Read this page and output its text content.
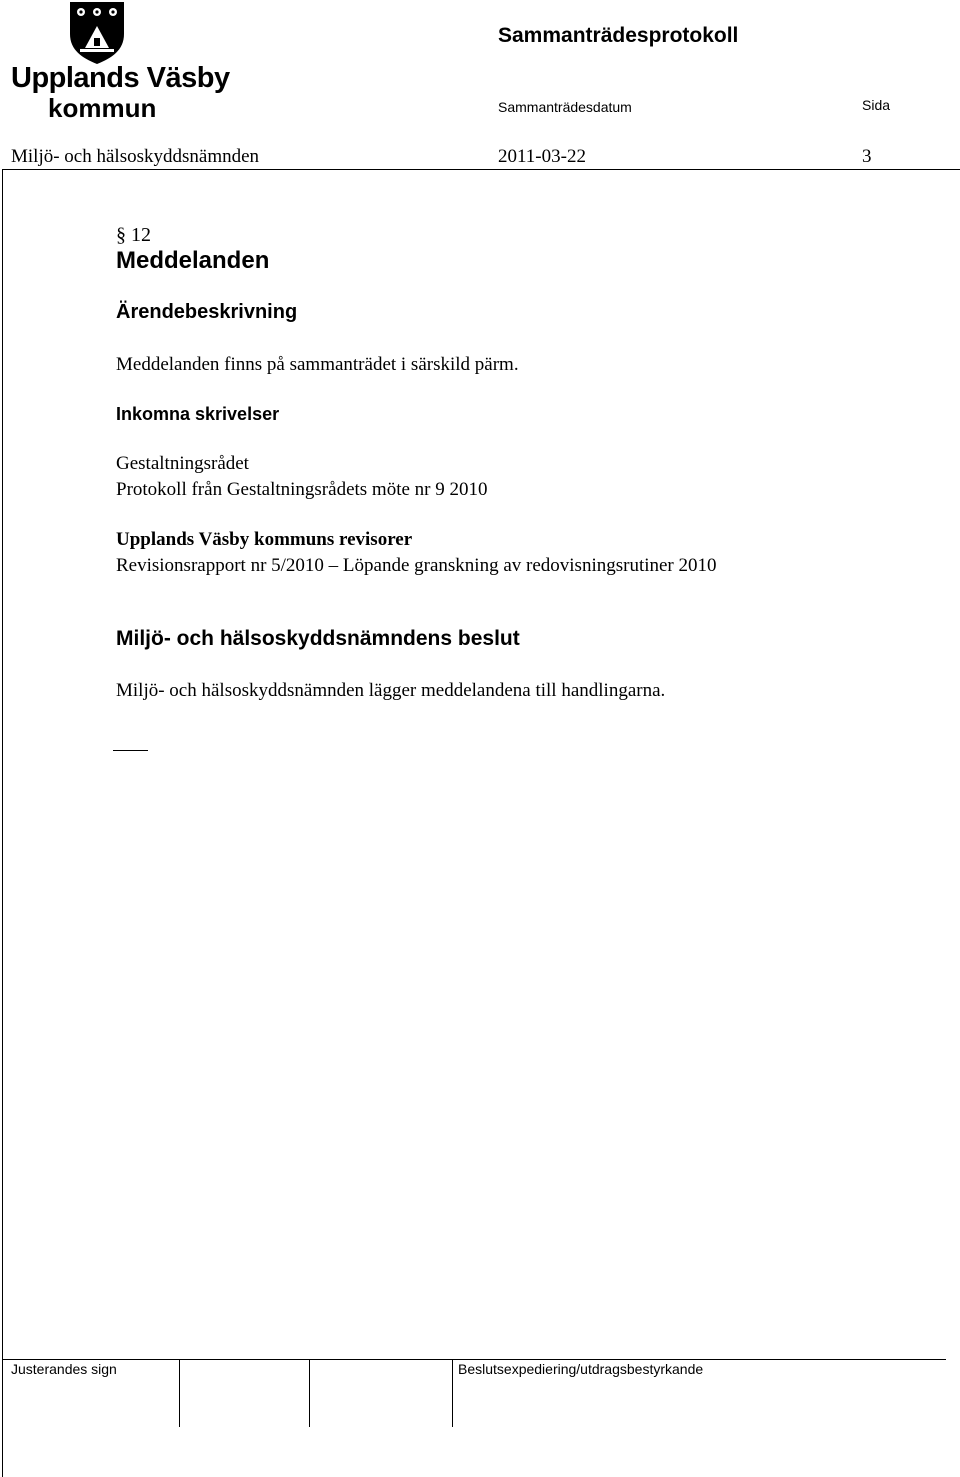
Upplands Väsby
kommun
Sammanträdesprotokoll
Sammanträdesdatum	Sida
Miljö- och hälsoskyddsnämnden	2011-03-22	3
§ 12
Meddelanden
Ärendebeskrivning
Meddelanden finns på sammanträdet i särskild pärm.
Inkomna skrivelser
Gestaltningsrådet
Protokoll från Gestaltningsrådets möte nr 9 2010
Upplands Väsby kommuns revisorer
Revisionsrapport nr 5/2010 – Löpande granskning av redovisningsrutiner 2010
Miljö- och hälsoskyddsnämndens beslut
Miljö- och hälsoskyddsnämnden lägger meddelandena till handlingarna.
Justerandes sign	Beslutsexpediering/utdragsbestyrkande
